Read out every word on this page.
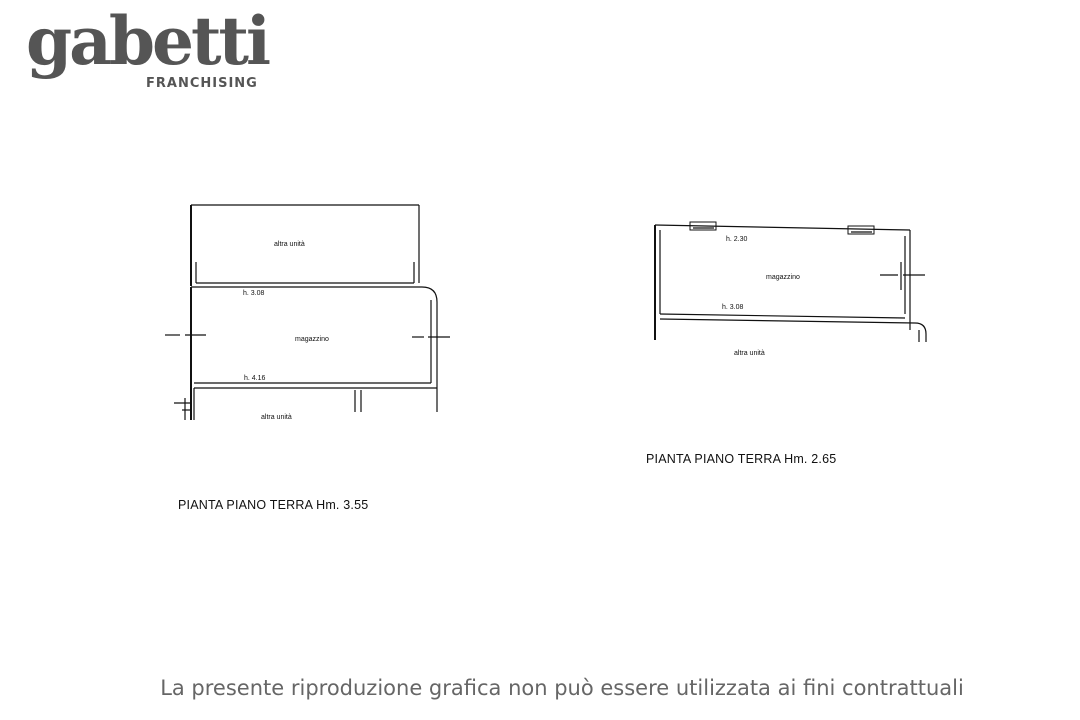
gabetti
FRANCHISING
altra unità
h. 3.08
magazzino
h. 4.16
altra unità
PIANTA PIANO TERRA Hm. 3.55
h. 2.30
magazzino
h. 3.08
altra unità
PIANTA PIANO TERRA Hm. 2.65
La presente riproduzione grafica non può essere utilizzata ai fini contrattuali
